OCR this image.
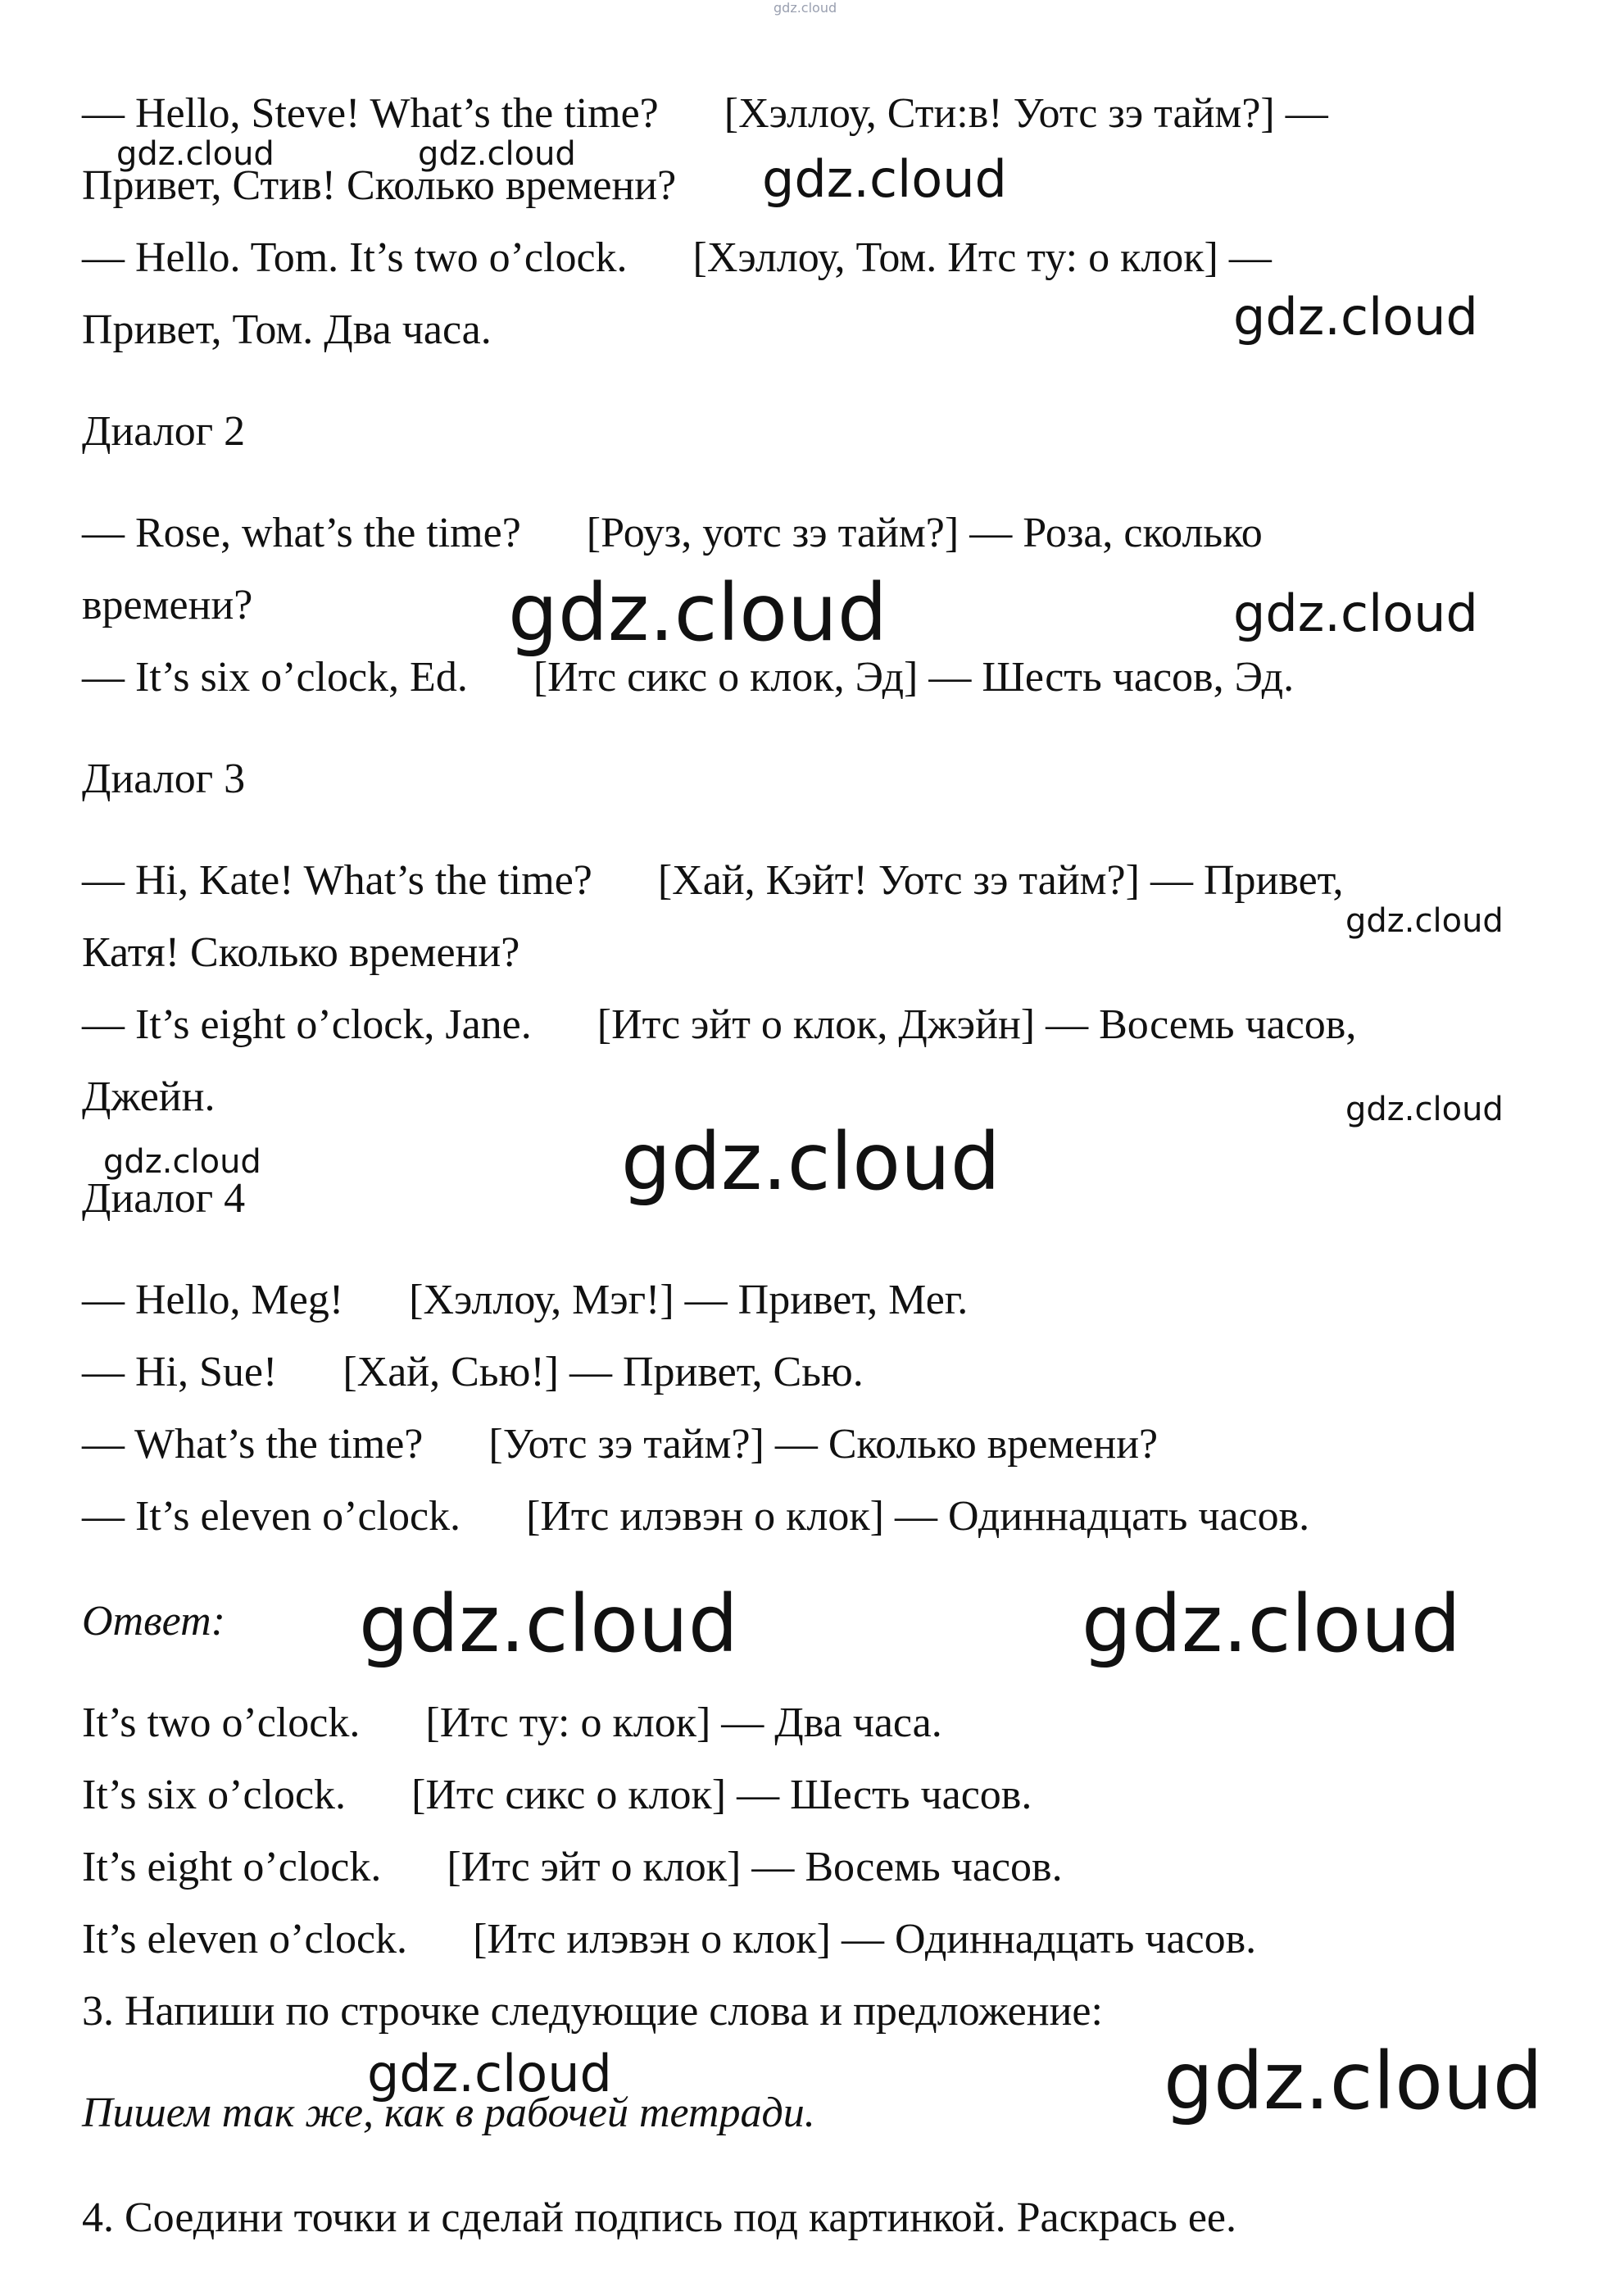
gdz.cloud

— Hello, Steve! What’s the time? [Хэллоу, Сти:в! Уотс зэ тайм?] —

Привет, Стив! Сколько времени?

— Hello. Tom. It’s two o’clock. [Хэллоу, Том. Итс ту: о клок] —

Привет, Том. Два часа.

Диалог 2

— Rose, what’s the time? [Роуз, уотс зэ тайм?] — Роза, сколько

времени?

— It’s six o’clock, Ed. [Итс сикс о клок, Эд] — Шесть часов, Эд.

Диалог 3

— Hi, Kate! What’s the time? [Хай, Кэйт! Уотс зэ тайм?] — Привет,

Катя! Сколько времени?

— It’s eight o’clock, Jane. [Итс эйт о клок, Джэйн] — Восемь часов,

Джейн.

Диалог 4

— Hello, Meg! [Хэллоу, Мэг!] — Привет, Мег.

— Hi, Sue! [Хай, Сью!] — Привет, Сью.

— What’s the time? [Уотс зэ тайм?] — Сколько времени?

— It’s eleven o’clock. [Итс илэвэн о клок] — Одиннадцать часов.

Ответ:

It’s two o’clock. [Итс ту: о клок] — Два часа.

It’s six o’clock. [Итс сикс о клок] — Шесть часов.

It’s eight o’clock. [Итс эйт о клок] — Восемь часов.

It’s eleven o’clock. [Итс илэвэн о клок] — Одиннадцать часов.

3. Напиши по строчке следующие слова и предложение:

Пишем так же, как в рабочей тетради.

4. Соедини точки и сделай подпись под картинкой. Раскрась ее.

gdz.cloud	gdz.cloud	gdz.cloud
gdz.cloud
gdz.cloud	gdz.cloud
gdz.cloud
gdz.cloud
gdz.cloud	gdz.cloud
gdz.cloud	gdz.cloud
gdz.cloud	gdz.cloud
